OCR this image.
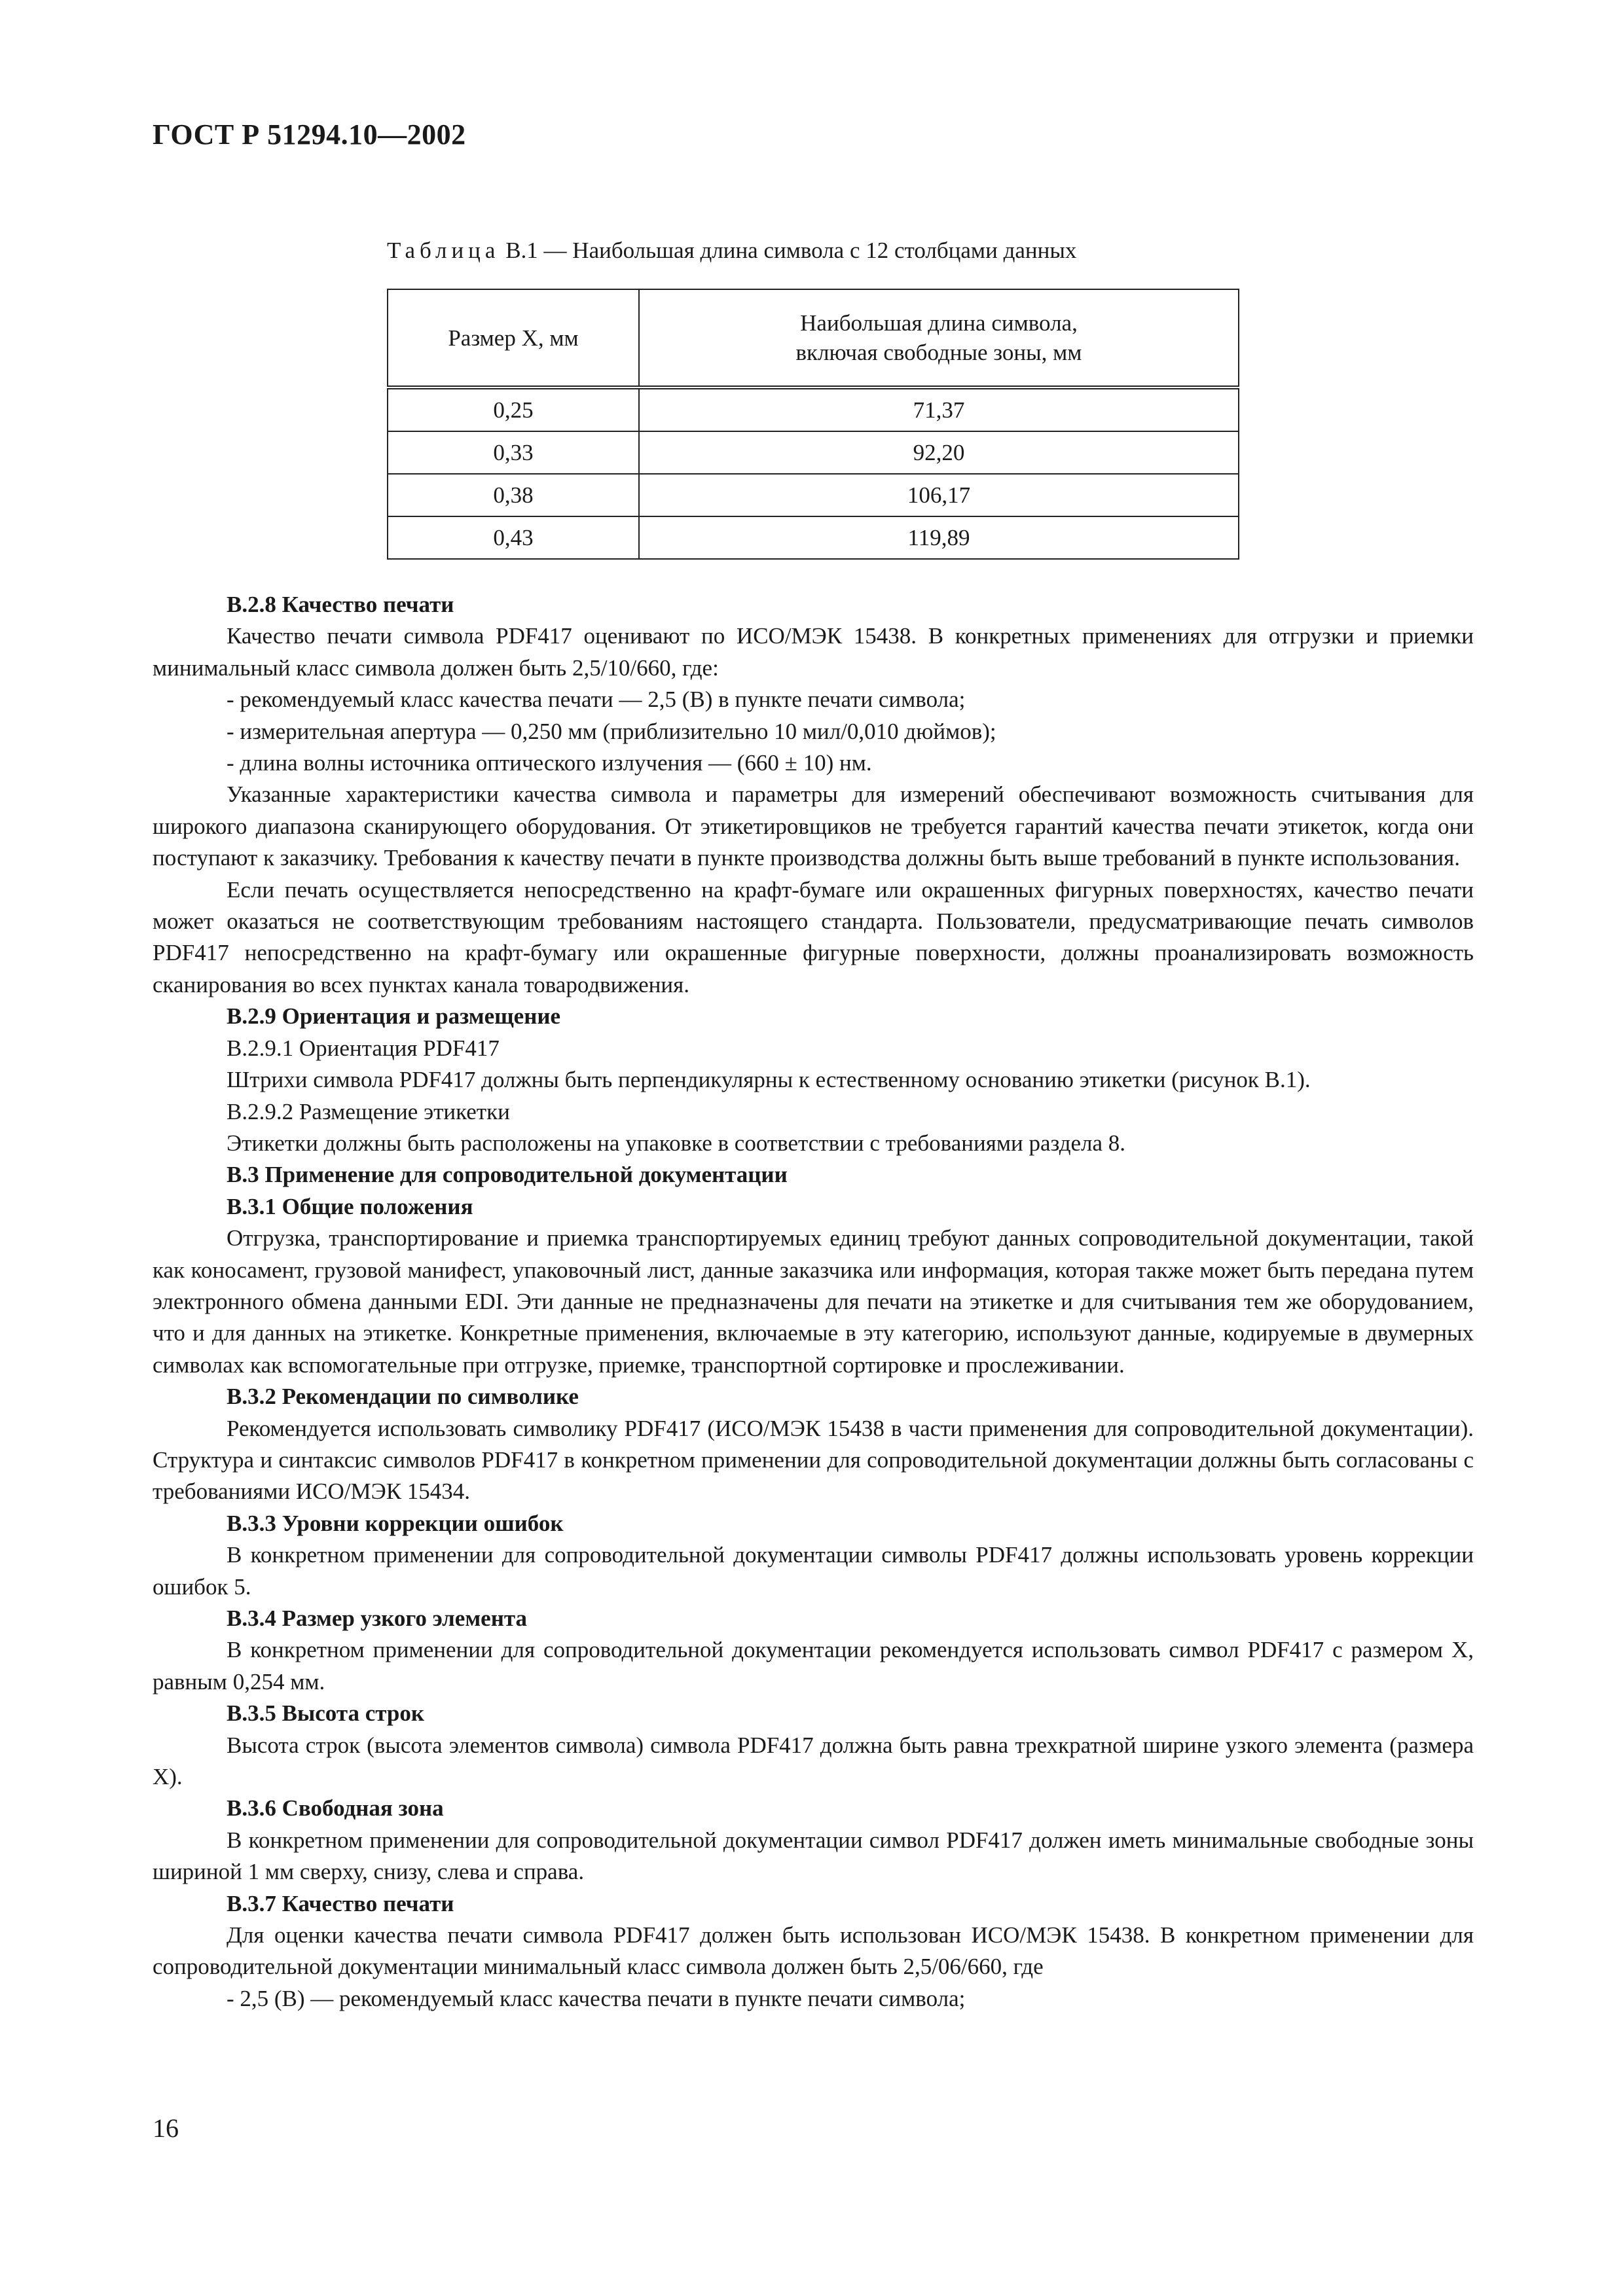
ГОСТ Р 51294.10—2002
Таблица В.1 — Наибольшая длина символа с 12 столбцами данных
Размер X, мм	Наибольшая длина символа,
включая свободные зоны, мм
0,25	71,37
0,33	92,20
0,38	106,17
0,43	119,89

В.2.8 Качество печати

Качество печати символа PDF417 оценивают по ИСО/МЭК 15438. В конкретных применениях для отгрузки и приемки минимальный класс символа должен быть 2,5/10/660, где:

- рекомендуемый класс качества печати — 2,5 (В) в пункте печати символа;

- измерительная апертура — 0,250 мм (приблизительно 10 мил/0,010 дюймов);

- длина волны источника оптического излучения — (660 ± 10) нм.

Указанные характеристики качества символа и параметры для измерений обеспечивают возможность считывания для широкого диапазона сканирующего оборудования. От этикетировщиков не требуется гарантий качества печати этикеток, когда они поступают к заказчику. Требования к качеству печати в пункте производства должны быть выше требований в пункте использования.

Если печать осуществляется непосредственно на крафт-бумаге или окрашенных фигурных поверхностях, качество печати может оказаться не соответствующим требованиям настоящего стандарта. Пользователи, предусматривающие печать символов PDF417 непосредственно на крафт-бумагу или окрашенные фигурные поверхности, должны проанализировать возможность сканирования во всех пунктах канала товародвижения.

В.2.9 Ориентация и размещение

В.2.9.1 Ориентация PDF417

Штрихи символа PDF417 должны быть перпендикулярны к естественному основанию этикетки (рисунок В.1).

В.2.9.2 Размещение этикетки

Этикетки должны быть расположены на упаковке в соответствии с требованиями раздела 8.

В.3 Применение для сопроводительной документации

В.3.1 Общие положения

Отгрузка, транспортирование и приемка транспортируемых единиц требуют данных сопроводительной документации, такой как коносамент, грузовой манифест, упаковочный лист, данные заказчика или информация, которая также может быть передана путем электронного обмена данными EDI. Эти данные не предназначены для печати на этикетке и для считывания тем же оборудованием, что и для данных на этикетке. Конкретные применения, включаемые в эту категорию, используют данные, кодируемые в двумерных символах как вспомогательные при отгрузке, приемке, транспортной сортировке и прослеживании.

В.3.2 Рекомендации по символике

Рекомендуется использовать символику PDF417 (ИСО/МЭК 15438 в части применения для сопроводительной документации). Структура и синтаксис символов PDF417 в конкретном применении для сопроводительной документации должны быть согласованы с требованиями ИСО/МЭК 15434.

В.3.3 Уровни коррекции ошибок

В конкретном применении для сопроводительной документации символы PDF417 должны использовать уровень коррекции ошибок 5.

В.3.4 Размер узкого элемента

В конкретном применении для сопроводительной документации рекомендуется использовать символ PDF417 с размером X, равным 0,254 мм.

В.3.5 Высота строк

Высота строк (высота элементов символа) символа PDF417 должна быть равна трехкратной ширине узкого элемента (размера X).

В.3.6 Свободная зона

В конкретном применении для сопроводительной документации символ PDF417 должен иметь минимальные свободные зоны шириной 1 мм сверху, снизу, слева и справа.

В.3.7 Качество печати

Для оценки качества печати символа PDF417 должен быть использован ИСО/МЭК 15438. В конкретном применении для сопроводительной документации минимальный класс символа должен быть 2,5/06/660, где

- 2,5 (В) — рекомендуемый класс качества печати в пункте печати символа;

16
